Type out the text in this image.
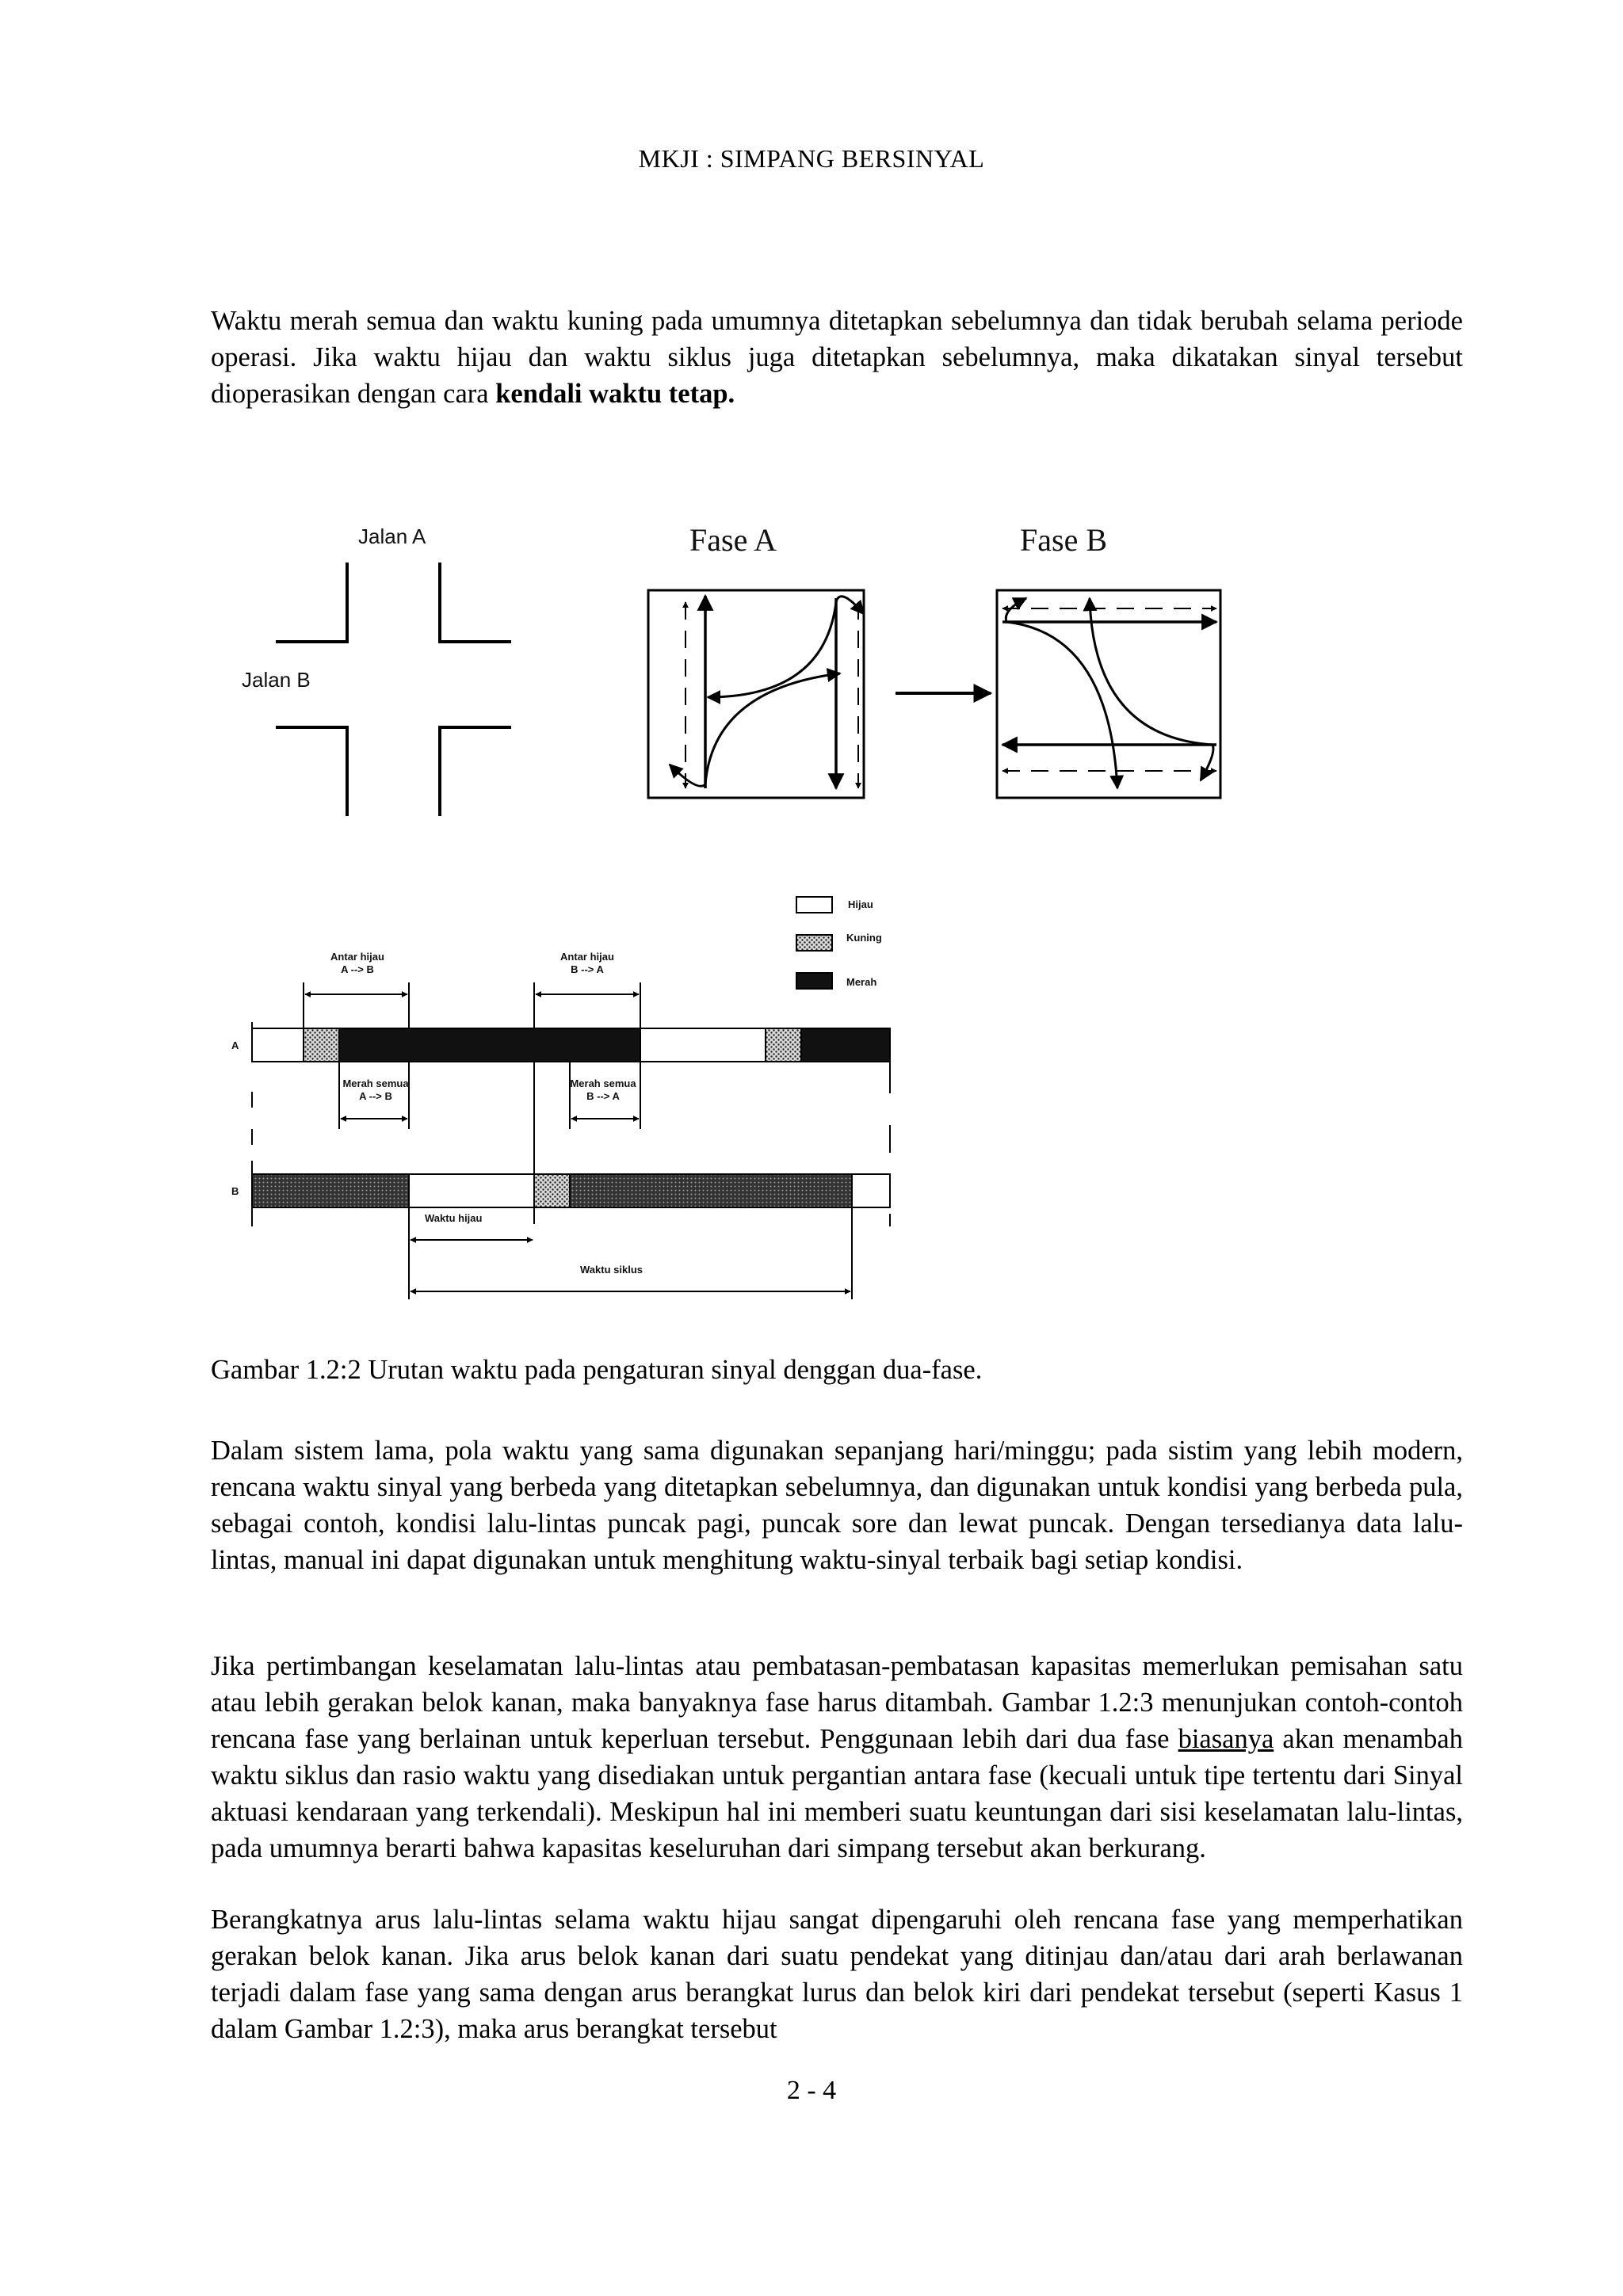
MKJI : SIMPANG BERSINYAL

Waktu merah semua dan waktu kuning pada umumnya ditetapkan sebelumnya dan tidak berubah selama periode operasi. Jika waktu hijau dan waktu siklus juga ditetapkan sebelumnya, maka dikatakan sinyal tersebut dioperasikan dengan cara kendali waktu tetap.

Jalan A
Jalan B
Fase A	Fase B
Hijau
Kuning
Merah
Antar hijau
A --> B
Antar hijau
B --> A
Merah semua
A --> B
Merah semua
B --> A
A
B
Waktu hijau
Waktu siklus
Gambar 1.2:2 Urutan waktu pada pengaturan sinyal denggan dua-fase.

Dalam sistem lama, pola waktu yang sama digunakan sepanjang hari/minggu; pada sistim yang lebih modern, rencana waktu sinyal yang berbeda yang ditetapkan sebelumnya, dan digunakan untuk kondisi yang berbeda pula, sebagai contoh, kondisi lalu-lintas puncak pagi, puncak sore dan lewat puncak. Dengan tersedianya data lalu-lintas, manual ini dapat digunakan untuk menghitung waktu-sinyal terbaik bagi setiap kondisi.

Jika pertimbangan keselamatan lalu-lintas atau pembatasan-pembatasan kapasitas memerlukan pemisahan satu atau lebih gerakan belok kanan, maka banyaknya fase harus ditambah. Gambar 1.2:3 menunjukan contoh-contoh rencana fase yang berlainan untuk keperluan tersebut. Penggunaan lebih dari dua fase biasanya akan menambah waktu siklus dan rasio waktu yang disediakan untuk pergantian antara fase (kecuali untuk tipe tertentu dari Sinyal aktuasi kendaraan yang terkendali). Meskipun hal ini memberi suatu keuntungan dari sisi keselamatan lalu-lintas, pada umumnya berarti bahwa kapasitas keseluruhan dari simpang tersebut akan berkurang.

Berangkatnya arus lalu-lintas selama waktu hijau sangat dipengaruhi oleh rencana fase yang memperhatikan gerakan belok kanan. Jika arus belok kanan dari suatu pendekat yang ditinjau dan/atau dari arah berlawanan terjadi dalam fase yang sama dengan arus berangkat lurus dan belok kiri dari pendekat tersebut (seperti Kasus 1 dalam Gambar 1.2:3), maka arus berangkat tersebut

2 - 4
